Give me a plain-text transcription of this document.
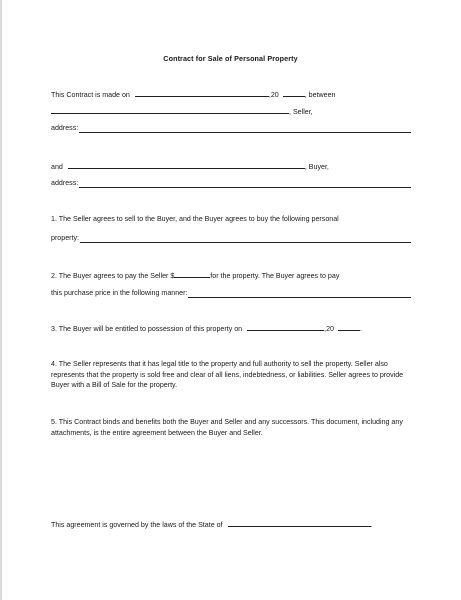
Contract for Sale of Personal Property
This Contract is made on	,20	, between
, Seller,
address:
and	, Buyer,
address:
1. The Seller agrees to sell to the Buyer, and the Buyer agrees to buy the following personal
property:
2. The Buyer agrees to pay the Seller $	for the property. The Buyer agrees to pay
this purchase price in the following manner:
3. The Buyer will be entitled to possession of this property on	,20	.
4. The Seller represents that it has legal title to the property and full authority to sell the property. Seller also represents that the property is sold free and clear of all liens, indebtedness, or liabilities. Seller agrees to provide Buyer with a Bill of Sale for the property.
5. This Contract binds and benefits both the Buyer and Seller and any successors. This document, including any attachments, is the entire agreement between the Buyer and Seller.
This agreement is governed by the laws of the State of	.
